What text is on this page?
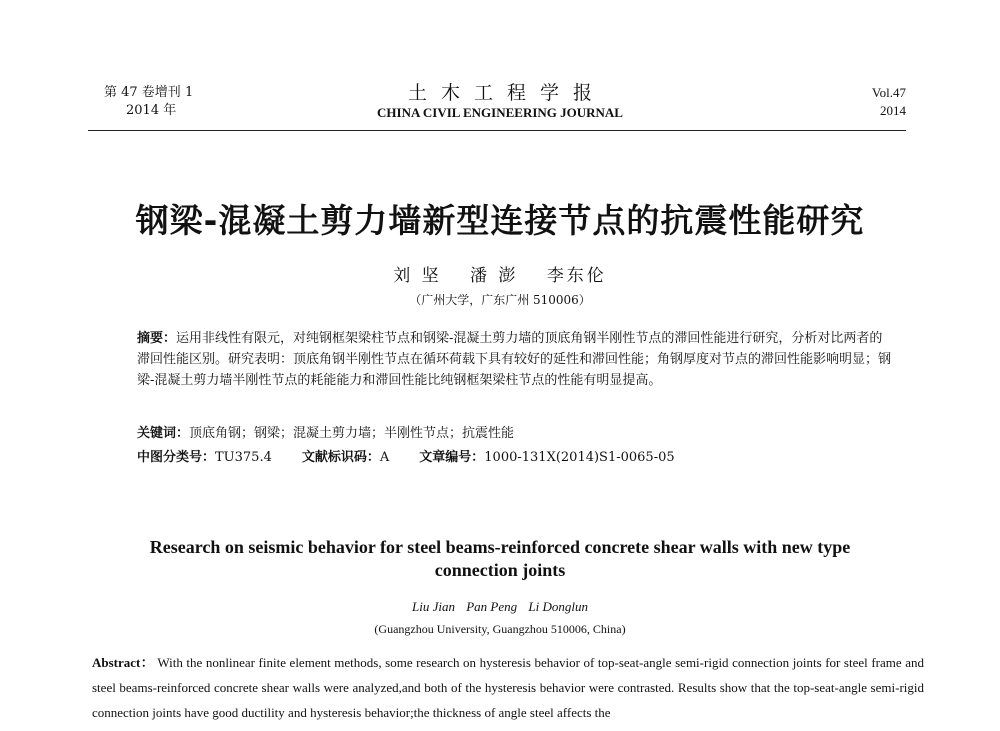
第 47 卷增刊 1
2014 年
土木工程学报
CHINA CIVIL ENGINEERING JOURNAL
Vol.47
2014
钢梁-混凝土剪力墙新型连接节点的抗震性能研究
刘 坚 潘 澎 李东伦
（广州大学，广东广州 510006）

摘要：运用非线性有限元，对纯钢框架梁柱节点和钢梁-混凝土剪力墙的顶底角钢半刚性节点的滞回性能进行研究，分析对比两者的滞回性能区别。研究表明：顶底角钢半刚性节点在循环荷载下具有较好的延性和滞回性能；角钢厚度对节点的滞回性能影响明显；钢梁-混凝土剪力墙半刚性节点的耗能能力和滞回性能比纯钢框架梁柱节点的性能有明显提高。

关键词：顶底角钢；钢梁；混凝土剪力墙；半刚性节点；抗震性能
中图分类号：TU375.4 文献标识码：A 文章编号：1000-131X(2014)S1-0065-05
Research on seismic behavior for steel beams-reinforced concrete shear walls with new type
connection joints
Liu Jian Pan Peng Li Donglun
(Guangzhou University, Guangzhou 510006, China)

Abstract： With the nonlinear finite element methods, some research on hysteresis behavior of top-seat-angle semi-rigid connection joints for steel frame and steel beams-reinforced concrete shear walls were analyzed,and both of the hysteresis behavior were contrasted. Results show that the top-seat-angle semi-rigid connection joints have good ductility and hysteresis behavior;the thickness of angle steel affects the
